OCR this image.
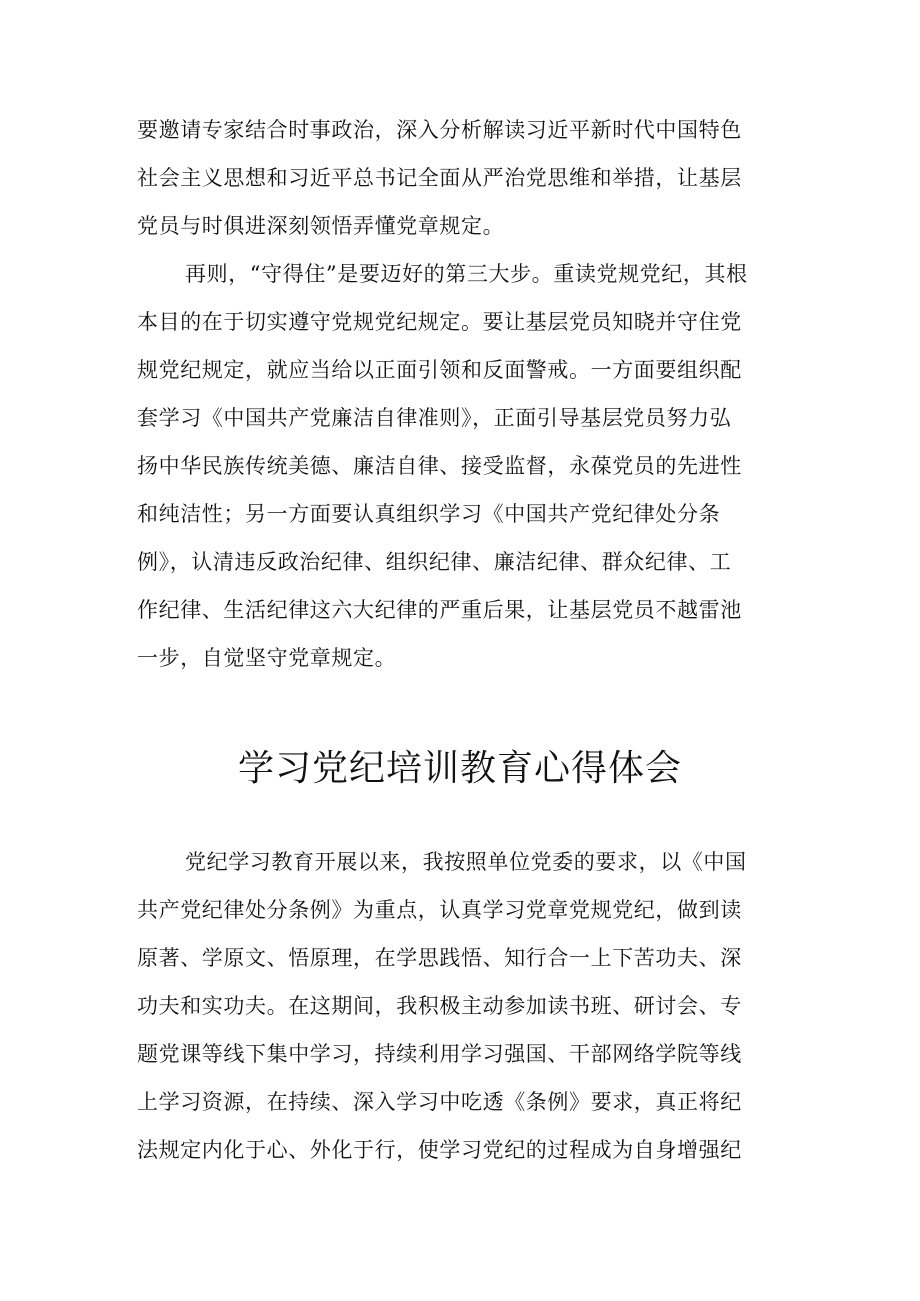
要邀请专家结合时事政治，深入分析解读习近平新时代中国特色
社会主义思想和习近平总书记全面从严治党思维和举措，让基层
党员与时俱进深刻领悟弄懂党章规定。
再则，“守得住”是要迈好的第三大步。重读党规党纪，其根
本目的在于切实遵守党规党纪规定。要让基层党员知晓并守住党
规党纪规定，就应当给以正面引领和反面警戒。一方面要组织配
套学习《中国共产党廉洁自律准则》，正面引导基层党员努力弘
扬中华民族传统美德、廉洁自律、接受监督，永葆党员的先进性
和纯洁性；另一方面要认真组织学习《中国共产党纪律处分条
例》，认清违反政治纪律、组织纪律、廉洁纪律、群众纪律、工
作纪律、生活纪律这六大纪律的严重后果，让基层党员不越雷池
一步，自觉坚守党章规定。
学习党纪培训教育心得体会
党纪学习教育开展以来，我按照单位党委的要求，以《中国
共产党纪律处分条例》为重点，认真学习党章党规党纪，做到读
原著、学原文、悟原理，在学思践悟、知行合一上下苦功夫、深
功夫和实功夫。在这期间，我积极主动参加读书班、研讨会、专
题党课等线下集中学习，持续利用学习强国、干部网络学院等线
上学习资源，在持续、深入学习中吃透《条例》要求，真正将纪
法规定内化于心、外化于行，使学习党纪的过程成为自身增强纪
